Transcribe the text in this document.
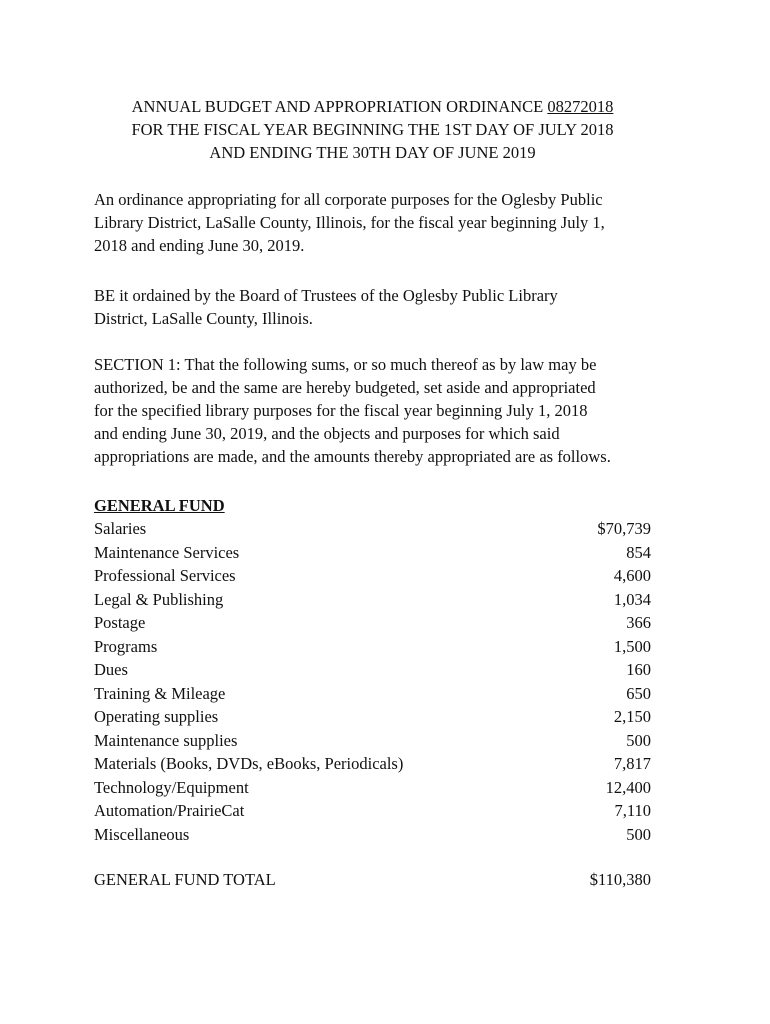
ANNUAL BUDGET AND APPROPRIATION ORDINANCE 08272018
FOR THE FISCAL YEAR BEGINNING THE 1ST DAY OF JULY 2018
AND ENDING THE 30TH DAY OF JUNE 2019

An ordinance appropriating for all corporate purposes for the Oglesby Public
Library District, LaSalle County, Illinois, for the fiscal year beginning July 1,
2018 and ending June 30, 2019.

BE it ordained by the Board of Trustees of the Oglesby Public Library
District, LaSalle County, Illinois.

SECTION 1: That the following sums, or so much thereof as by law may be
authorized, be and the same are hereby budgeted, set aside and appropriated
for the specified library purposes for the fiscal year beginning July 1, 2018
and ending June 30, 2019, and the objects and purposes for which said
appropriations are made, and the amounts thereby appropriated are as follows.

GENERAL FUND
Salaries	$70,739
Maintenance Services	854
Professional Services	4,600
Legal & Publishing	1,034
Postage	366
Programs	1,500
Dues	160
Training & Mileage	650
Operating supplies	2,150
Maintenance supplies	500
Materials (Books, DVDs, eBooks, Periodicals)	7,817
Technology/Equipment	12,400
Automation/PrairieCat	7,110
Miscellaneous	500
GENERAL FUND TOTAL	$110,380
